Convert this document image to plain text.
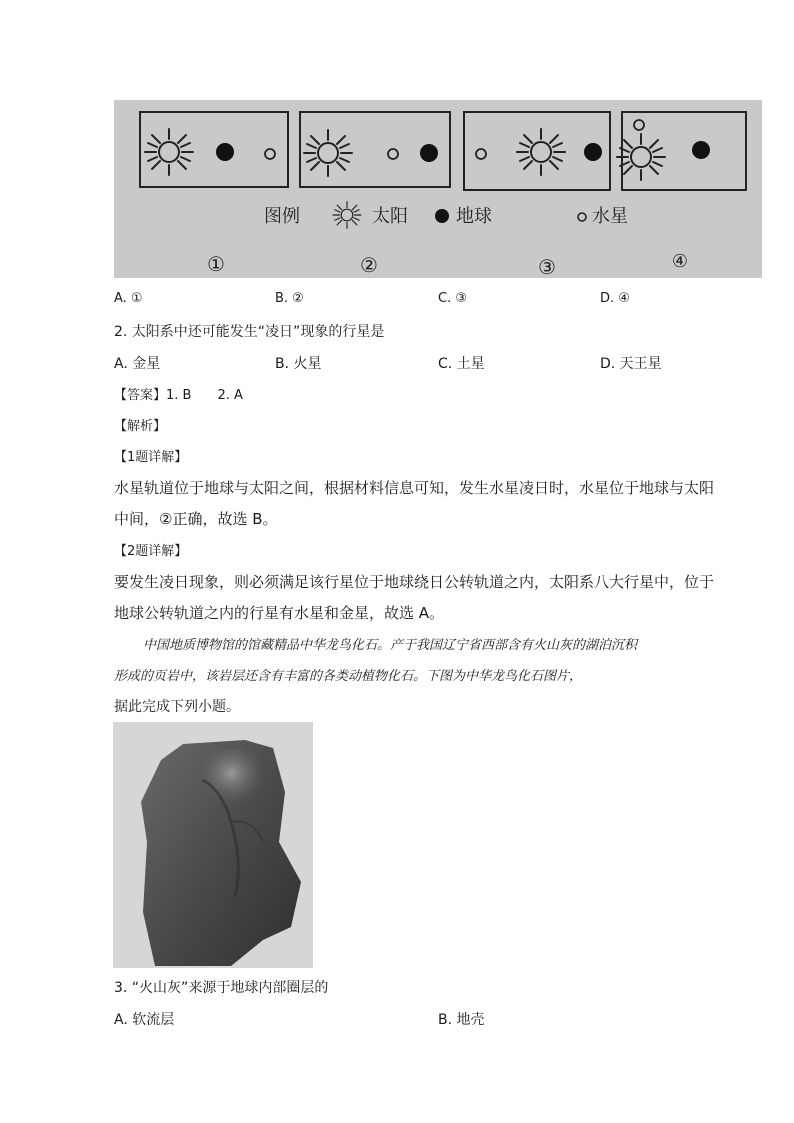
图例	太阳	地球	水星
①	②	③	④
A. ①	B. ②	C. ③	D. ④
2. 太阳系中还可能发生“凌日”现象的行星是
A. 金星	B. 火星	C. 土星	D. 天王星
【答案】1. B　　2. A
【解析】
【1题详解】
水星轨道位于地球与太阳之间，根据材料信息可知，发生水星凌日时，水星位于地球与太阳
中间，②正确，故选 B。
【2题详解】
要发生凌日现象，则必须满足该行星位于地球绕日公转轨道之内，太阳系八大行星中，位于
地球公转轨道之内的行星有水星和金星，故选 A。
中国地质博物馆的馆藏精品中华龙鸟化石。产于我国辽宁省西部含有火山灰的湖泊沉积
形成的页岩中，该岩层还含有丰富的各类动植物化石。下图为中华龙鸟化石图片，
据此完成下列小题。
3. “火山灰”来源于地球内部圈层的
A. 软流层	B. 地壳
